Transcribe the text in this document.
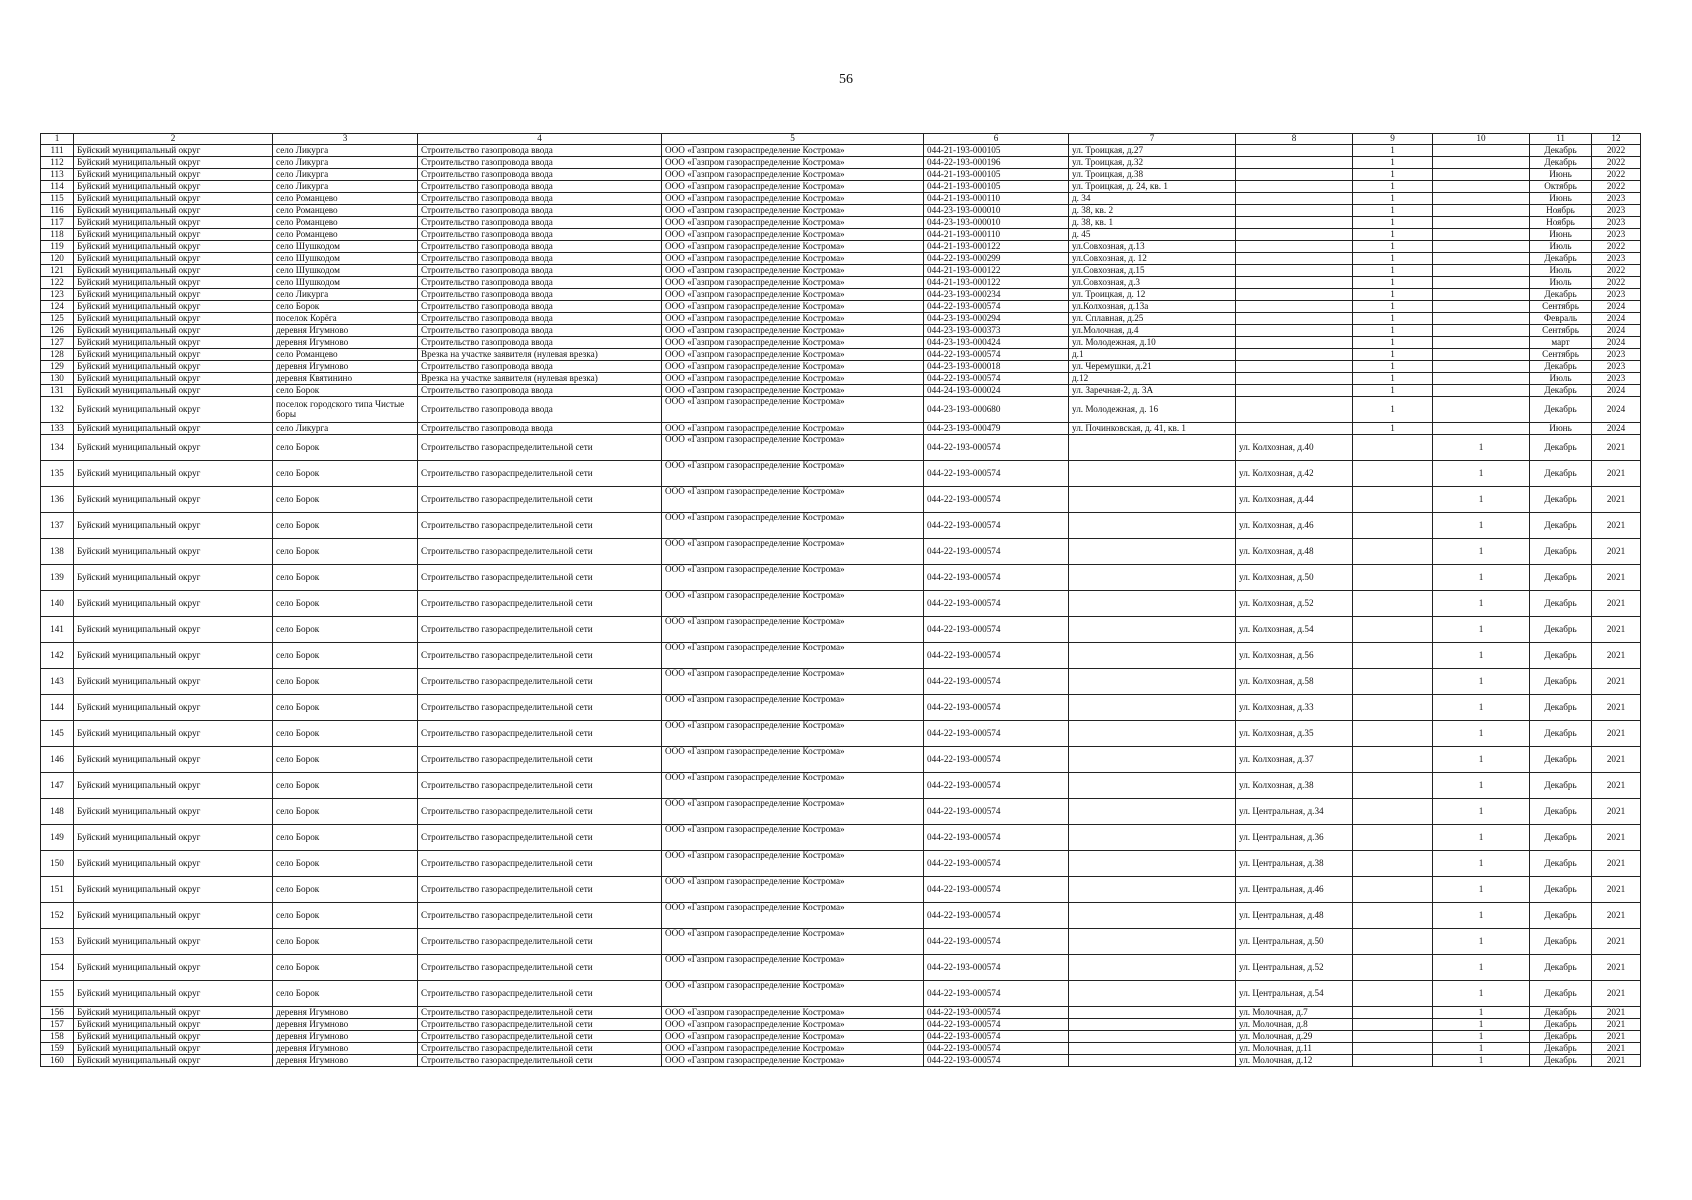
56
1	2	3	4	5	6	7	8	9	10	11	12
111	Буйский муниципальный округ	село Ликурга	Строительство газопровода ввода	ООО «Газпром газораспределение Кострома»	044-21-193-000105	ул. Троицкая, д.27		1		Декабрь	2022
112	Буйский муниципальный округ	село Ликурга	Строительство газопровода ввода	ООО «Газпром газораспределение Кострома»	044-22-193-000196	ул. Троицкая, д.32		1		Декабрь	2022
113	Буйский муниципальный округ	село Ликурга	Строительство газопровода ввода	ООО «Газпром газораспределение Кострома»	044-21-193-000105	ул. Троицкая, д.38		1		Июнь	2022
114	Буйский муниципальный округ	село Ликурга	Строительство газопровода ввода	ООО «Газпром газораспределение Кострома»	044-21-193-000105	ул. Троицкая, д. 24, кв. 1		1		Октябрь	2022
115	Буйский муниципальный округ	село Романцево	Строительство газопровода ввода	ООО «Газпром газораспределение Кострома»	044-21-193-000110	д. 34		1		Июнь	2023
116	Буйский муниципальный округ	село Романцево	Строительство газопровода ввода	ООО «Газпром газораспределение Кострома»	044-23-193-000010	д. 38, кв. 2		1		Ноябрь	2023
117	Буйский муниципальный округ	село Романцево	Строительство газопровода ввода	ООО «Газпром газораспределение Кострома»	044-23-193-000010	д. 38, кв. 1		1		Ноябрь	2023
118	Буйский муниципальный округ	село Романцево	Строительство газопровода ввода	ООО «Газпром газораспределение Кострома»	044-21-193-000110	д. 45		1		Июнь	2023
119	Буйский муниципальный округ	село Шушкодом	Строительство газопровода ввода	ООО «Газпром газораспределение Кострома»	044-21-193-000122	ул.Совхозная, д.13		1		Июль	2022
120	Буйский муниципальный округ	село Шушкодом	Строительство газопровода ввода	ООО «Газпром газораспределение Кострома»	044-22-193-000299	ул.Совхозная, д. 12		1		Декабрь	2023
121	Буйский муниципальный округ	село Шушкодом	Строительство газопровода ввода	ООО «Газпром газораспределение Кострома»	044-21-193-000122	ул.Совхозная, д.15		1		Июль	2022
122	Буйский муниципальный округ	село Шушкодом	Строительство газопровода ввода	ООО «Газпром газораспределение Кострома»	044-21-193-000122	ул.Совхозная, д.3		1		Июль	2022
123	Буйский муниципальный округ	село Ликурга	Строительство газопровода ввода	ООО «Газпром газораспределение Кострома»	044-23-193-000234	ул. Троицкая, д. 12		1		Декабрь	2023
124	Буйский муниципальный округ	село Борок	Строительство газопровода ввода	ООО «Газпром газораспределение Кострома»	044-22-193-000574	ул.Колхозная, д.13а		1		Сентябрь	2024
125	Буйский муниципальный округ	поселок Корёга	Строительство газопровода ввода	ООО «Газпром газораспределение Кострома»	044-23-193-000294	ул. Сплавная, д.25		1		Февраль	2024
126	Буйский муниципальный округ	деревня Игумново	Строительство газопровода ввода	ООО «Газпром газораспределение Кострома»	044-23-193-000373	ул.Молочная, д.4		1		Сентябрь	2024
127	Буйский муниципальный округ	деревня Игумново	Строительство газопровода ввода	ООО «Газпром газораспределение Кострома»	044-23-193-000424	ул. Молодежная, д.10		1		март	2024
128	Буйский муниципальный округ	село Романцево	Врезка на участке заявителя (нулевая врезка)	ООО «Газпром газораспределение Кострома»	044-22-193-000574	д.1		1		Сентябрь	2023
129	Буйский муниципальный округ	деревня Игумново	Строительство газопровода ввода	ООО «Газпром газораспределение Кострома»	044-23-193-000018	ул. Черемушки, д.21		1		Декабрь	2023
130	Буйский муниципальный округ	деревня Квятинино	Врезка на участке заявителя (нулевая врезка)	ООО «Газпром газораспределение Кострома»	044-22-193-000574	д.12		1		Июль	2023
131	Буйский муниципальный округ	село Борок	Строительство газопровода ввода	ООО «Газпром газораспределение Кострома»	044-24-193-000024	ул. Заречная-2, д. 3А		1		Декабрь	2024
132	Буйский муниципальный округ	поселок городского типа Чистые боры	Строительство газопровода ввода	ООО «Газпром газораспределение Кострома»	044-23-193-000680	ул. Молодежная, д. 16		1		Декабрь	2024
133	Буйский муниципальный округ	село Ликурга	Строительство газопровода ввода	ООО «Газпром газораспределение Кострома»	044-23-193-000479	ул. Починковская, д. 41, кв. 1		1		Июнь	2024
134	Буйский муниципальный округ	село Борок	Строительство газораспределительной сети	ООО «Газпром газораспределение Кострома»	044-22-193-000574		ул. Колхозная, д.40		1	Декабрь	2021
135	Буйский муниципальный округ	село Борок	Строительство газораспределительной сети	ООО «Газпром газораспределение Кострома»	044-22-193-000574		ул. Колхозная, д.42		1	Декабрь	2021
136	Буйский муниципальный округ	село Борок	Строительство газораспределительной сети	ООО «Газпром газораспределение Кострома»	044-22-193-000574		ул. Колхозная, д.44		1	Декабрь	2021
137	Буйский муниципальный округ	село Борок	Строительство газораспределительной сети	ООО «Газпром газораспределение Кострома»	044-22-193-000574		ул. Колхозная, д.46		1	Декабрь	2021
138	Буйский муниципальный округ	село Борок	Строительство газораспределительной сети	ООО «Газпром газораспределение Кострома»	044-22-193-000574		ул. Колхозная, д.48		1	Декабрь	2021
139	Буйский муниципальный округ	село Борок	Строительство газораспределительной сети	ООО «Газпром газораспределение Кострома»	044-22-193-000574		ул. Колхозная, д.50		1	Декабрь	2021
140	Буйский муниципальный округ	село Борок	Строительство газораспределительной сети	ООО «Газпром газораспределение Кострома»	044-22-193-000574		ул. Колхозная, д.52		1	Декабрь	2021
141	Буйский муниципальный округ	село Борок	Строительство газораспределительной сети	ООО «Газпром газораспределение Кострома»	044-22-193-000574		ул. Колхозная, д.54		1	Декабрь	2021
142	Буйский муниципальный округ	село Борок	Строительство газораспределительной сети	ООО «Газпром газораспределение Кострома»	044-22-193-000574		ул. Колхозная, д.56		1	Декабрь	2021
143	Буйский муниципальный округ	село Борок	Строительство газораспределительной сети	ООО «Газпром газораспределение Кострома»	044-22-193-000574		ул. Колхозная, д.58		1	Декабрь	2021
144	Буйский муниципальный округ	село Борок	Строительство газораспределительной сети	ООО «Газпром газораспределение Кострома»	044-22-193-000574		ул. Колхозная, д.33		1	Декабрь	2021
145	Буйский муниципальный округ	село Борок	Строительство газораспределительной сети	ООО «Газпром газораспределение Кострома»	044-22-193-000574		ул. Колхозная, д.35		1	Декабрь	2021
146	Буйский муниципальный округ	село Борок	Строительство газораспределительной сети	ООО «Газпром газораспределение Кострома»	044-22-193-000574		ул. Колхозная, д.37		1	Декабрь	2021
147	Буйский муниципальный округ	село Борок	Строительство газораспределительной сети	ООО «Газпром газораспределение Кострома»	044-22-193-000574		ул. Колхозная, д.38		1	Декабрь	2021
148	Буйский муниципальный округ	село Борок	Строительство газораспределительной сети	ООО «Газпром газораспределение Кострома»	044-22-193-000574		ул. Центральная, д.34		1	Декабрь	2021
149	Буйский муниципальный округ	село Борок	Строительство газораспределительной сети	ООО «Газпром газораспределение Кострома»	044-22-193-000574		ул. Центральная, д.36		1	Декабрь	2021
150	Буйский муниципальный округ	село Борок	Строительство газораспределительной сети	ООО «Газпром газораспределение Кострома»	044-22-193-000574		ул. Центральная, д.38		1	Декабрь	2021
151	Буйский муниципальный округ	село Борок	Строительство газораспределительной сети	ООО «Газпром газораспределение Кострома»	044-22-193-000574		ул. Центральная, д.46		1	Декабрь	2021
152	Буйский муниципальный округ	село Борок	Строительство газораспределительной сети	ООО «Газпром газораспределение Кострома»	044-22-193-000574		ул. Центральная, д.48		1	Декабрь	2021
153	Буйский муниципальный округ	село Борок	Строительство газораспределительной сети	ООО «Газпром газораспределение Кострома»	044-22-193-000574		ул. Центральная, д.50		1	Декабрь	2021
154	Буйский муниципальный округ	село Борок	Строительство газораспределительной сети	ООО «Газпром газораспределение Кострома»	044-22-193-000574		ул. Центральная, д.52		1	Декабрь	2021
155	Буйский муниципальный округ	село Борок	Строительство газораспределительной сети	ООО «Газпром газораспределение Кострома»	044-22-193-000574		ул. Центральная, д.54		1	Декабрь	2021
156	Буйский муниципальный округ	деревня Игумново	Строительство газораспределительной сети	ООО «Газпром газораспределение Кострома»	044-22-193-000574		ул. Молочная, д.7		1	Декабрь	2021
157	Буйский муниципальный округ	деревня Игумново	Строительство газораспределительной сети	ООО «Газпром газораспределение Кострома»	044-22-193-000574		ул. Молочная, д.8		1	Декабрь	2021
158	Буйский муниципальный округ	деревня Игумново	Строительство газораспределительной сети	ООО «Газпром газораспределение Кострома»	044-22-193-000574		ул. Молочная, д.29		1	Декабрь	2021
159	Буйский муниципальный округ	деревня Игумново	Строительство газораспределительной сети	ООО «Газпром газораспределение Кострома»	044-22-193-000574		ул. Молочная, д.11		1	Декабрь	2021
160	Буйский муниципальный округ	деревня Игумново	Строительство газораспределительной сети	ООО «Газпром газораспределение Кострома»	044-22-193-000574		ул. Молочная, д.12		1	Декабрь	2021
